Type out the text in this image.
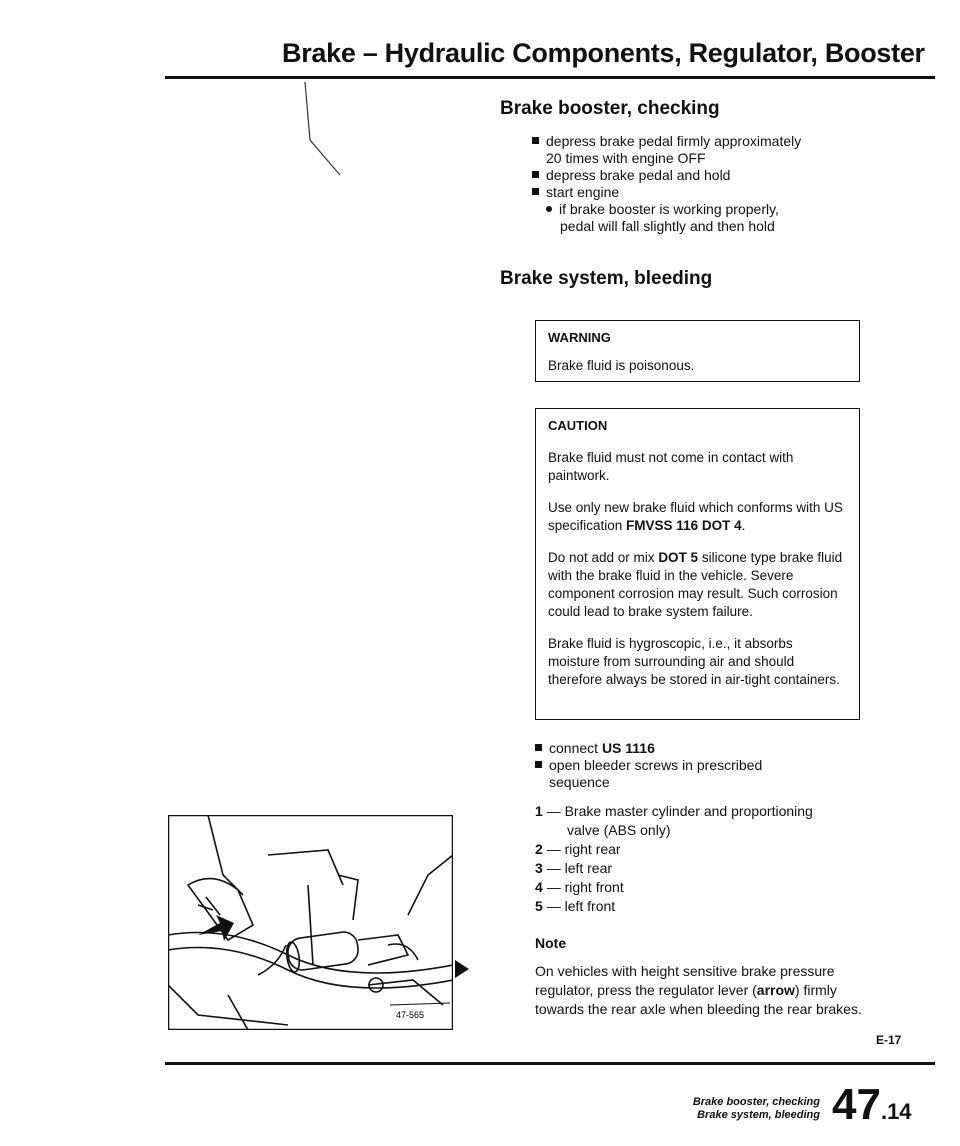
Brake – Hydraulic Components, Regulator, Booster
Brake booster, checking
depress brake pedal firmly approximately
20 times with engine OFF
depress brake pedal and hold
start engine
if brake booster is working properly,
pedal will fall slightly and then hold
Brake system, bleeding
WARNING
Brake fluid is poisonous.
CAUTION

Brake fluid must not come in contact with paintwork.

Use only new brake fluid which conforms with US specification FMVSS 116 DOT 4.

Do not add or mix DOT 5 silicone type brake fluid with the brake fluid in the vehicle. Severe component corrosion may result. Such corrosion could lead to brake system failure.

Brake fluid is hygroscopic, i.e., it absorbs moisture from surrounding air and should therefore always be stored in air-tight containers.

connect US 1116
open bleeder screws in prescribed
sequence
1 — Brake master cylinder and proportioning
valve (ABS only)
2 — right rear
3 — left rear
4 — right front
5 — left front
Note
On vehicles with height sensitive brake pressure regulator, press the regulator lever (arrow) firmly towards the rear axle when bleeding the rear brakes.
47-565
E-17
Brake booster, checking
Brake system, bleeding 47.14
